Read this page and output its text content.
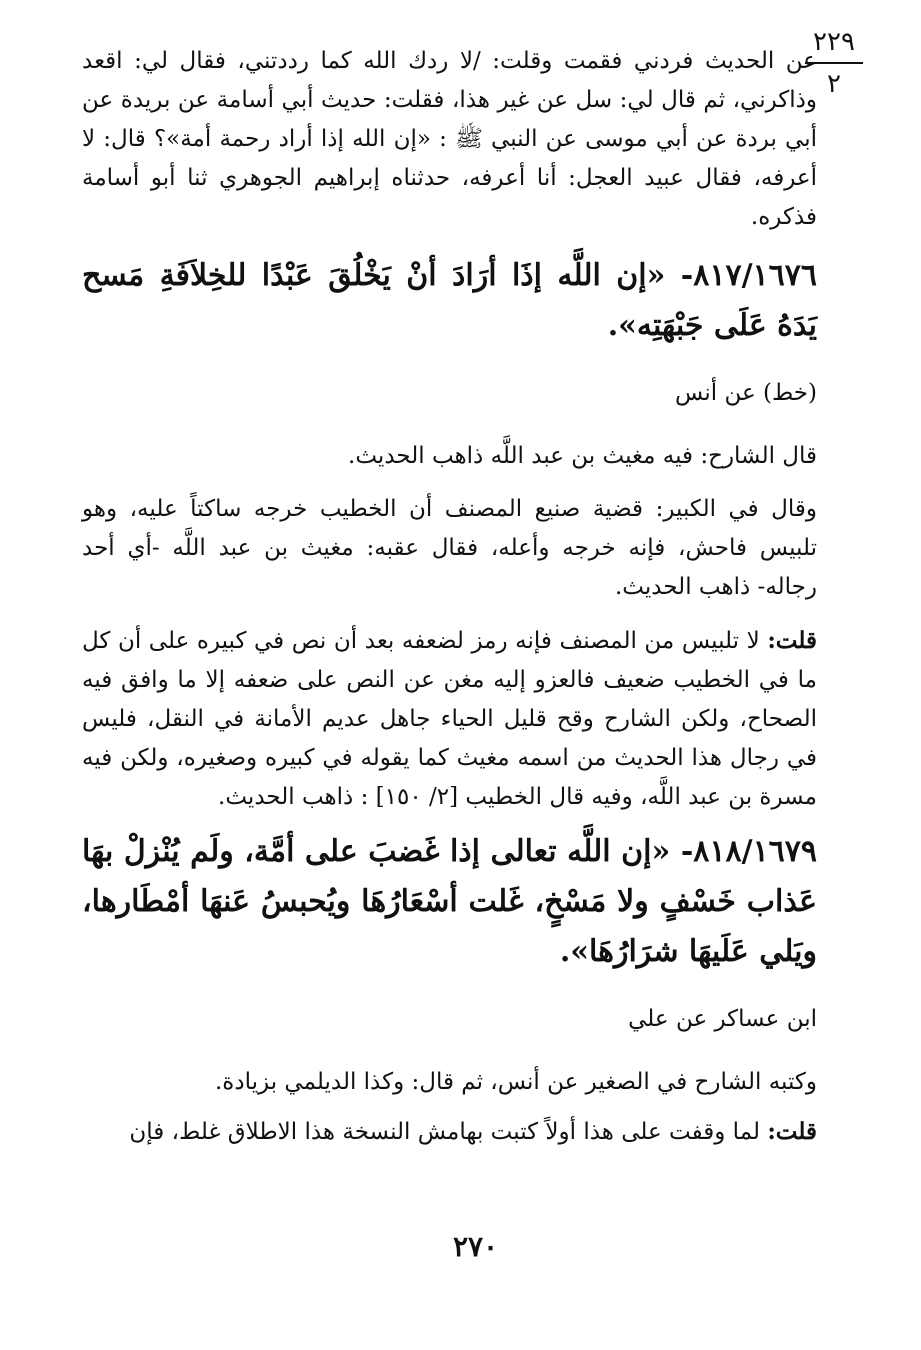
٢٢٩
٢

عن الحديث فردني فقمت وقلت: /لا ردك الله كما رددتني، فقال لي: اقعد وذاكرني، ثم قال لي: سل عن غير هذا، فقلت: حديث أبي أسامة عن بريدة عن أبي بردة عن أبي موسى عن النبي ﷺ : «إن الله إذا أراد رحمة أمة»؟ قال: لا أعرفه، فقال عبيد العجل: أنا أعرفه، حدثناه إبراهيم الجوهري ثنا أبو أسامة فذكره.

٨١٧/١٦٧٦- «إن اللَّه إذَا أرَادَ أنْ يَخْلُقَ عَبْدًا للخِلاَفَةِ مَسح يَدَهُ عَلَى جَبْهَتِه».

(خط) عن أنس

قال الشارح: فيه مغيث بن عبد اللَّه ذاهب الحديث.

وقال في الكبير: قضية صنيع المصنف أن الخطيب خرجه ساكتاً عليه، وهو تلبيس فاحش، فإنه خرجه وأعله، فقال عقبه: مغيث بن عبد اللَّه -أي أحد رجاله- ذاهب الحديث.

قلت: لا تلبيس من المصنف فإنه رمز لضعفه بعد أن نص في كبيره على أن كل ما في الخطيب ضعيف فالعزو إليه مغن عن النص على ضعفه إلا ما وافق فيه الصحاح، ولكن الشارح وقح قليل الحياء جاهل عديم الأمانة في النقل، فليس في رجال هذا الحديث من اسمه مغيث كما يقوله في كبيره وصغيره، ولكن فيه مسرة بن عبد اللَّه، وفيه قال الخطيب [٢/ ١٥٠] : ذاهب الحديث.

٨١٨/١٦٧٩- «إن اللَّه تعالى إذا غَضبَ على أمَّة، ولَم يُنْزلْ بهَا عَذاب خَسْفٍ ولا مَسْخٍ، غَلت أسْعَارُهَا ويُحبسُ عَنهَا أمْطَارها، ويَلي عَلَيهَا شرَارُهَا».

ابن عساكر عن علي

وكتبه الشارح في الصغير عن أنس، ثم قال: وكذا الديلمي بزيادة.

قلت: لما وقفت على هذا أولاً كتبت بهامش النسخة هذا الاطلاق غلط، فإن

٢٧٠
